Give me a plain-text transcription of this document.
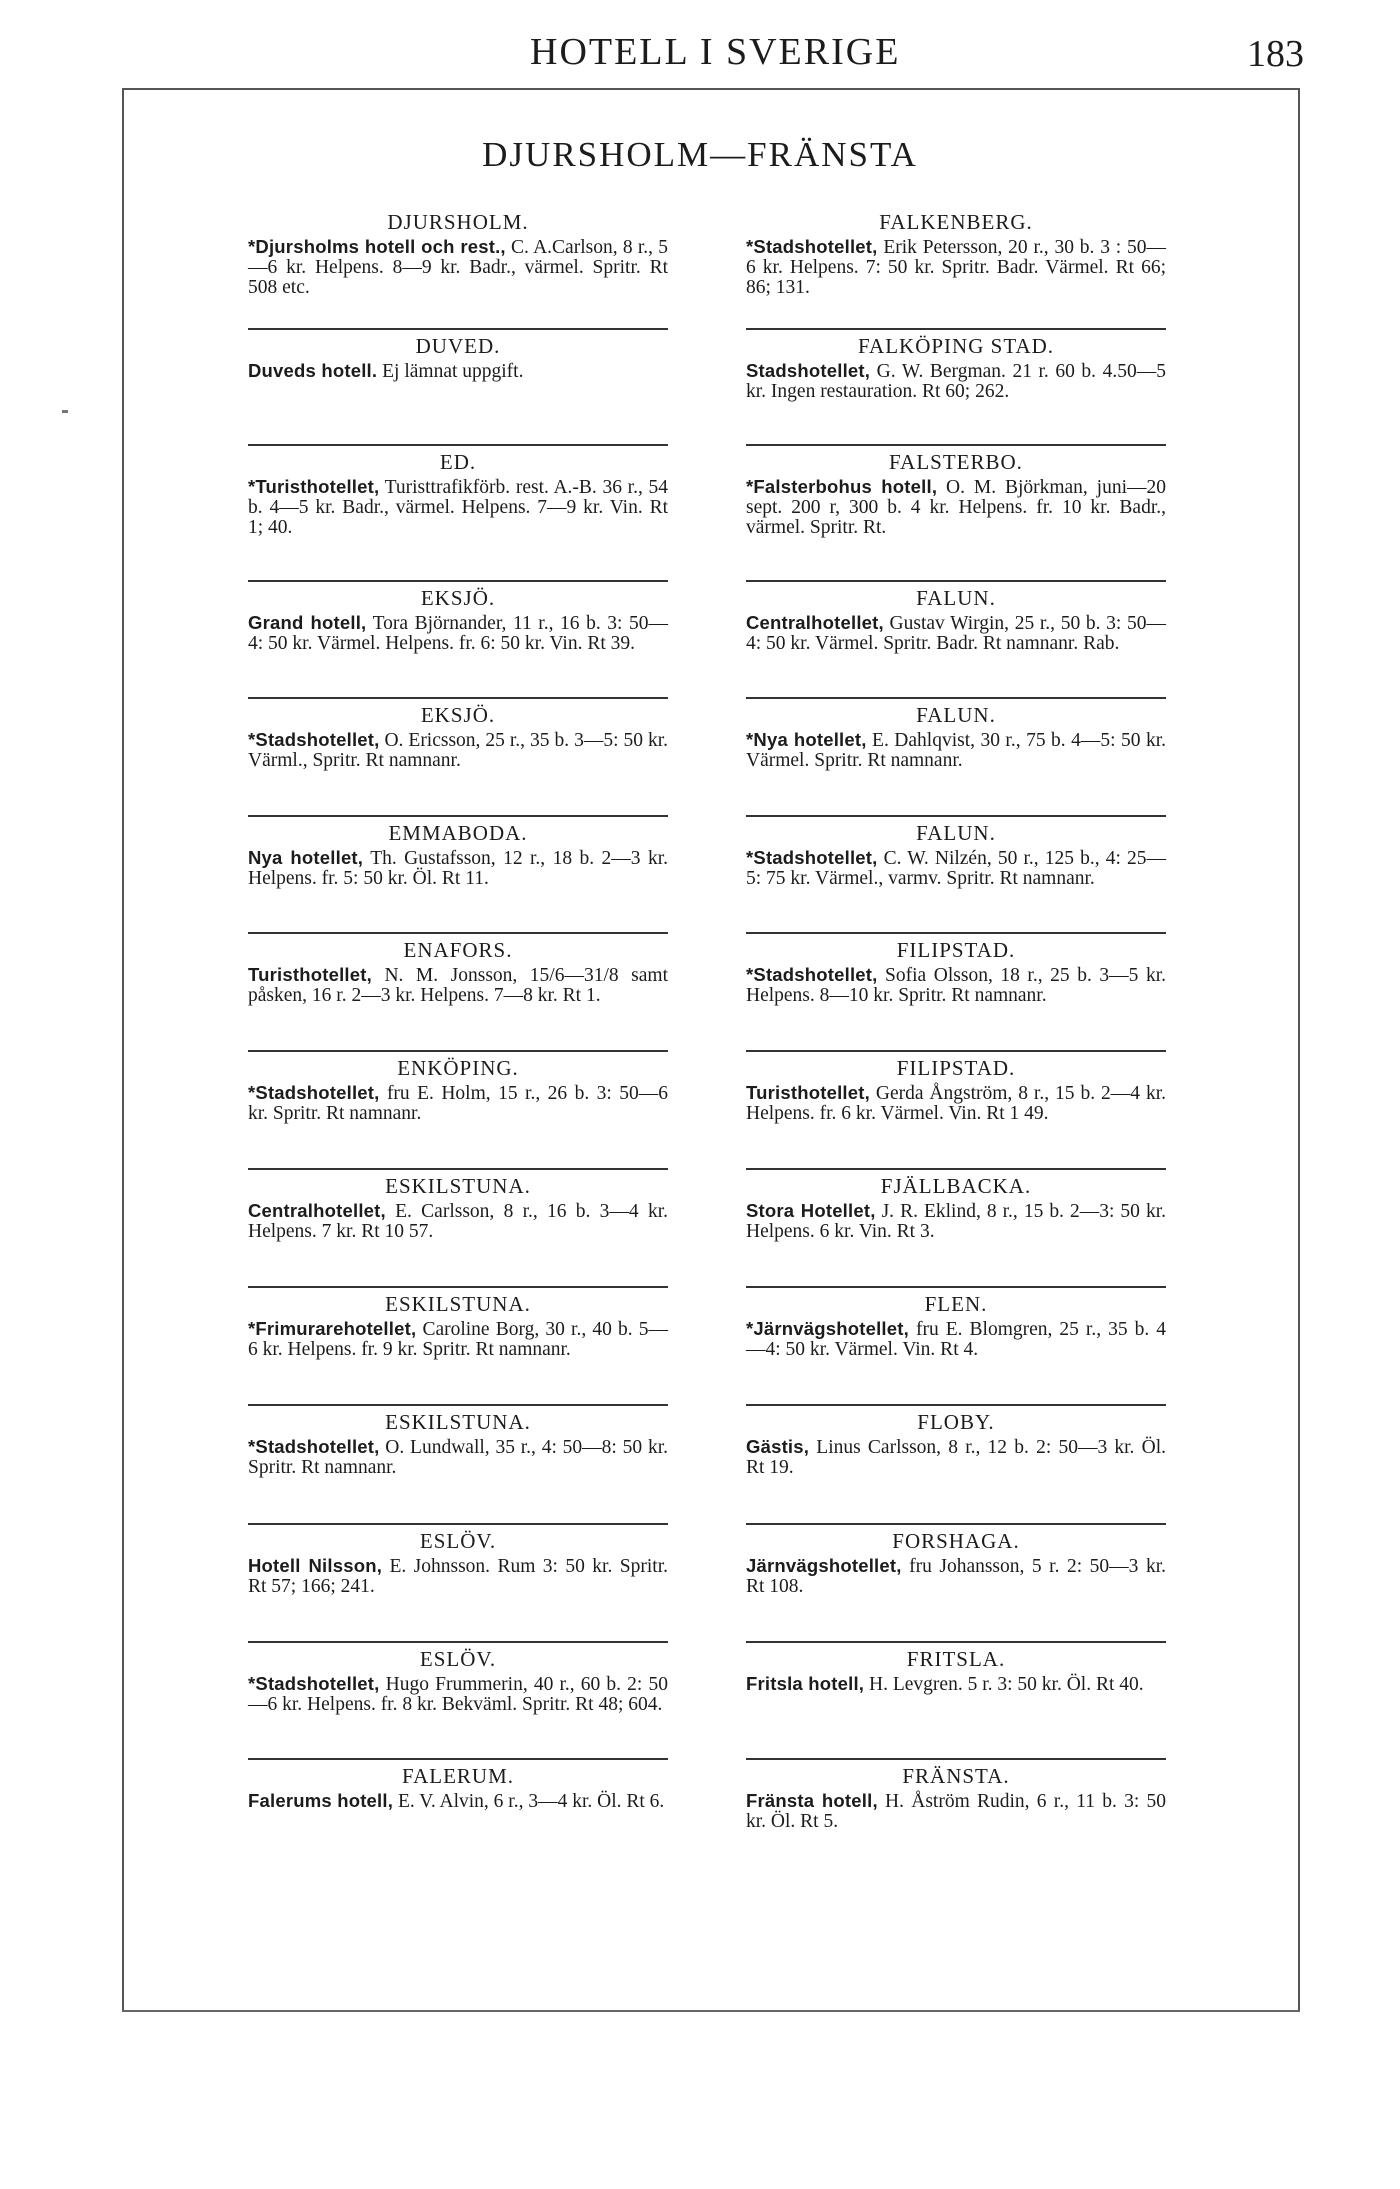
HOTELL I SVERIGE	183
DJURSHOLM—FRÄNSTA
DJURSHOLM.
*Djursholms hotell och rest., C. A.Carlson, 8 r., 5—6 kr. Helpens. 8—9 kr. Badr., värmel. Spritr. Rt 508 etc.
DUVED.
Duveds hotell. Ej lämnat uppgift.
ED.
*Turisthotellet, Turisttrafikförb. rest. A.-B. 36 r., 54 b. 4—5 kr. Badr., värmel. Helpens. 7—9 kr. Vin. Rt 1; 40.
EKSJÖ.
Grand hotell, Tora Björnander, 11 r., 16 b. 3: 50—4: 50 kr. Värmel. Helpens. fr. 6: 50 kr. Vin. Rt 39.
EKSJÖ.
*Stadshotellet, O. Ericsson, 25 r., 35 b. 3—5: 50 kr. Värml., Spritr. Rt namnanr.
EMMABODA.
Nya hotellet, Th. Gustafsson, 12 r., 18 b. 2—3 kr. Helpens. fr. 5: 50 kr. Öl. Rt 11.
ENAFORS.
Turisthotellet, N. M. Jonsson, 15/6—31/8 samt påsken, 16 r. 2—3 kr. Helpens. 7—8 kr. Rt 1.
ENKÖPING.
*Stadshotellet, fru E. Holm, 15 r., 26 b. 3: 50—6 kr. Spritr. Rt namnanr.
ESKILSTUNA.
Centralhotellet, E. Carlsson, 8 r., 16 b. 3—4 kr. Helpens. 7 kr. Rt 10 57.
ESKILSTUNA.
*Frimurarehotellet, Caroline Borg, 30 r., 40 b. 5—6 kr. Helpens. fr. 9 kr. Spritr. Rt namnanr.
ESKILSTUNA.
*Stadshotellet, O. Lundwall, 35 r., 4: 50—8: 50 kr. Spritr. Rt namnanr.
ESLÖV.
Hotell Nilsson, E. Johnsson. Rum 3: 50 kr. Spritr. Rt 57; 166; 241.
ESLÖV.
*Stadshotellet, Hugo Frummerin, 40 r., 60 b. 2: 50—6 kr. Helpens. fr. 8 kr. Bekväml. Spritr. Rt 48; 604.
FALERUM.
Falerums hotell, E. V. Alvin, 6 r., 3—4 kr. Öl. Rt 6.
FALKENBERG.
*Stadshotellet, Erik Petersson, 20 r., 30 b. 3 : 50—6 kr. Helpens. 7: 50 kr. Spritr. Badr. Värmel. Rt 66; 86; 131.
FALKÖPING STAD.
Stadshotellet, G. W. Bergman. 21 r. 60 b. 4.50—5 kr. Ingen restauration. Rt 60; 262.
FALSTERBO.
*Falsterbohus hotell, O. M. Björkman, juni—20 sept. 200 r, 300 b. 4 kr. Helpens. fr. 10 kr. Badr., värmel. Spritr. Rt.
FALUN.
Centralhotellet, Gustav Wirgin, 25 r., 50 b. 3: 50—4: 50 kr. Värmel. Spritr. Badr. Rt namnanr. Rab.
FALUN.
*Nya hotellet, E. Dahlqvist, 30 r., 75 b. 4—5: 50 kr. Värmel. Spritr. Rt namnanr.
FALUN.
*Stadshotellet, C. W. Nilzén, 50 r., 125 b., 4: 25—5: 75 kr. Värmel., varmv. Spritr. Rt namnanr.
FILIPSTAD.
*Stadshotellet, Sofia Olsson, 18 r., 25 b. 3—5 kr. Helpens. 8—10 kr. Spritr. Rt namnanr.
FILIPSTAD.
Turisthotellet, Gerda Ångström, 8 r., 15 b. 2—4 kr. Helpens. fr. 6 kr. Värmel. Vin. Rt 1 49.
FJÄLLBACKA.
Stora Hotellet, J. R. Eklind, 8 r., 15 b. 2—3: 50 kr. Helpens. 6 kr. Vin. Rt 3.
FLEN.
*Järnvägshotellet, fru E. Blomgren, 25 r., 35 b. 4—4: 50 kr. Värmel. Vin. Rt 4.
FLOBY.
Gästis, Linus Carlsson, 8 r., 12 b. 2: 50—3 kr. Öl. Rt 19.
FORSHAGA.
Järnvägshotellet, fru Johansson, 5 r. 2: 50—3 kr. Rt 108.
FRITSLA.
Fritsla hotell, H. Levgren. 5 r. 3: 50 kr. Öl. Rt 40.
FRÄNSTA.
Fränsta hotell, H. Åström Rudin, 6 r., 11 b. 3: 50 kr. Öl. Rt 5.
